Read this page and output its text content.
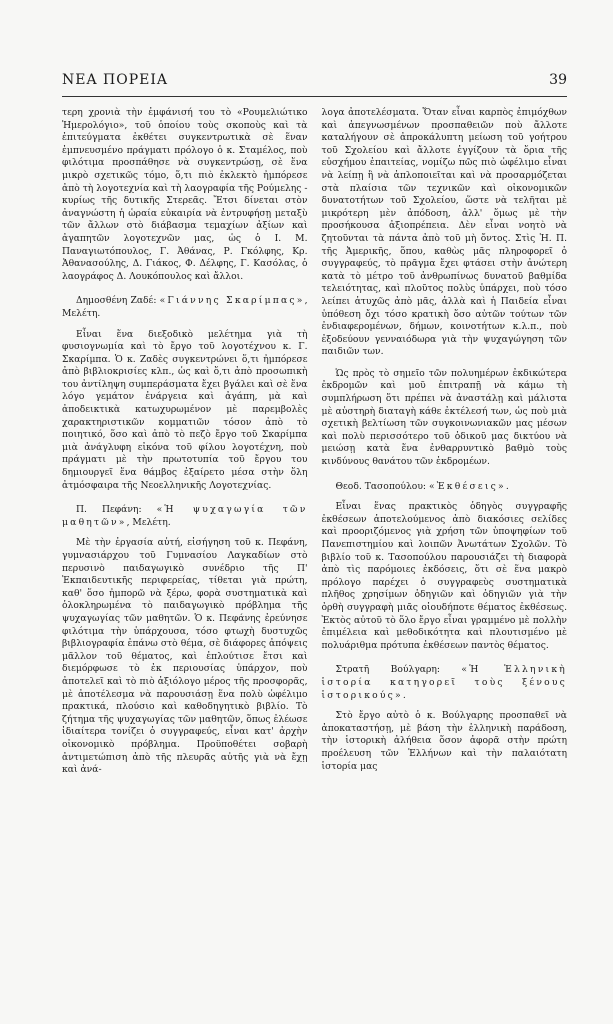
ΝΕΑ ΠΟΡΕΙΑ	39

τερη χρονιὰ τὴν ἐμφάνισή του τὸ «Ρουμελιώτικο Ἡμερολόγιο», τοῦ ὁποίου τοὺς σκοποὺς καὶ τὰ ἐπιτεύγματα ἐκθέτει συγκεντρωτικὰ σὲ ἕναν ἐμπνευσμένο πράγματι πρόλογο ὁ κ. Σταμέλος, ποὺ φιλότιμα προσπάθησε νὰ συγκεντρώσῃ, σὲ ἕνα μικρὸ σχετικῶς τόμο, ὅ,τι πιὸ ἐκλεκτὸ ἠμπόρεσε ἀπὸ τὴ λογοτεχνία καὶ τὴ λαογραφία τῆς Ρούμελης - κυρίως τῆς δυτικῆς Στερεᾶς. Ἔτσι δίνεται στὸν ἀναγνώστη ἡ ὡραία εὐκαιρία νὰ ἐντρυφήσῃ μεταξὺ τῶν ἄλλων στὸ διάβασμα τεμαχίων ἀξίων καὶ ἀγαπητῶν λογοτεχνῶν μας, ὡς ὁ Ι. Μ. Παναγιωτόπουλος, Γ. Ἀθάνας, Ρ. Γκόλφης, Κρ. Ἀθανασούλης, Δ. Γιάκος, Φ. Δέλφης, Γ. Κασόλας, ὁ λαογράφος Δ. Λουκόπουλος καὶ ἄλλοι.

Δημοσθένη Ζαδέ: «Γιάννης Σκαρίμπας», Μελέτη.

Εἶναι ἕνα διεξοδικὸ μελέτημα γιὰ τὴ φυσιογνωμία καὶ τὸ ἔργο τοῦ λογοτέχνου κ. Γ. Σκαρίμπα. Ὁ κ. Ζαδὲς συγκεντρώνει ὅ,τι ἠμπόρεσε ἀπὸ βιβλιοκρισίες κλπ., ὡς καὶ ὅ,τι ἀπὸ προσωπικὴ του ἀντίληψη συμπεράσματα ἔχει βγάλει καὶ σὲ ἕνα λόγο γεμάτον ἐνάργεια καὶ ἀγάπη, μὰ καὶ ἀποδεικτικὰ κατωχυρωμένον μὲ παρεμβολὲς χαρακτηριστικῶν κομματιῶν τόσον ἀπὸ τὸ ποιητικό, ὅσο καὶ ἀπὸ τὸ πεζὸ ἔργο τοῦ Σκαρίμπα μιὰ ἀνάγλυφη εἰκόνα τοῦ φίλου λογοτέχνη, ποὺ πράγματι μὲ τὴν πρωτοτυπία τοῦ ἔργου του δημιουργεῖ ἕνα θάμβος ἐξαίρετο μέσα στὴν ὅλη ἀτμόσφαιρα τῆς Νεοελληνικῆς Λογοτεχνίας.

Π. Πεφάνη: «Ἡ ψυχαγωγία τῶν μαθητῶν», Μελέτη.

Μὲ τὴν ἐργασία αὐτή, εἰσήγηση τοῦ κ. Πεφάνη, γυμνασιάρχου τοῦ Γυμνασίου Λαγκαδίων στὸ περυσινὸ παιδαγωγικὸ συνέδριο τῆς Π' Ἐκπαιδευτικῆς περιφερείας, τίθεται γιὰ πρώτη, καθ' ὅσο ἠμπορῶ νὰ ξέρω, φορὰ συστηματικὰ καὶ ὁλοκληρωμένα τὸ παιδαγωγικὸ πρόβλημα τῆς ψυχαγωγίας τῶν μαθητῶν. Ὁ κ. Πεφάνης ἐρεύνησε φιλότιμα τὴν ὑπάρχουσα, τόσο φτωχὴ δυστυχῶς βιβλιογραφία ἐπάνω στὸ θέμα, σὲ διάφορες ἀπόψεις μᾶλλον τοῦ θέματος, καὶ ἐπλούτισε ἔτσι καὶ διεμόρφωσε τὸ ἐκ περιουσίας ὑπάρχον, ποὺ ἀποτελεῖ καὶ τὸ πιὸ ἀξιόλογο μέρος τῆς προσφορᾶς, μὲ ἀποτέλεσμα νὰ παρουσιάσῃ ἕνα πολὺ ὠφέλιμο πρακτικά, πλούσιο καὶ καθοδηγητικὸ βιβλίο. Τὸ ζήτημα τῆς ψυχαγωγίας τῶν μαθητῶν, ὅπως ἐλέωσε ἰδιαίτερα τονίζει ὁ συγγραφεύς, εἶναι κατ' ἀρχὴν οἰκονομικὸ πρόβλημα. Προϋποθέτει σοβαρὴ ἀντιμετώπιση ἀπὸ τῆς πλευρᾶς αὐτῆς γιὰ νὰ ἔχῃ καὶ ἀνά-

λογα ἀποτελέσματα. Ὅταν εἶναι καρπὸς ἐπιμόχθων καὶ ἀπεγνωσμένων προσπαθειῶν ποὺ ἄλλοτε καταλήγουν σὲ ἀπροκάλυπτη μείωση τοῦ γοήτρου τοῦ Σχολείου καὶ ἄλλοτε ἐγγίζουν τὰ ὅρια τῆς εὐσχήμου ἐπαιτείας, νομίζω πῶς πιὸ ὠφέλιμο εἶναι νὰ λείπῃ ἢ νὰ ἀπλοποιεῖται καὶ νὰ προσαρμόζεται στὰ πλαίσια τῶν τεχνικῶν καὶ οἰκονομικῶν δυνατοτήτων τοῦ Σχολείου, ὥστε νὰ τελῆται μὲ μικρότερη μὲν ἀπόδοση, ἀλλ' ὅμως μὲ τὴν προσήκουσα ἀξιοπρέπεια. Δὲν εἶναι νοητὸ νὰ ζητοῦνται τὰ πάντα ἀπὸ τοῦ μὴ ὄντος. Στὶς Ἡ. Π. τῆς Ἀμερικῆς, ὅπου, καθὼς μᾶς πληροφορεῖ ὁ συγγραφεύς, τὸ πρᾶγμα ἔχει φτάσει στὴν ἀνώτερη κατὰ τὸ μέτρο τοῦ ἀνθρωπίνως δυνατοῦ βαθμίδα τελειότητας, καὶ πλοῦτος πολὺς ὑπάρχει, ποὺ τόσο λείπει ἀτυχῶς ἀπὸ μᾶς, ἀλλὰ καὶ ἡ Παιδεία εἶναι ὑπόθεση ὄχι τόσο κρατικὴ ὅσο αὐτῶν τούτων τῶν ἐνδιαφερομένων, δήμων, κοινοτήτων κ.λ.π., ποὺ ἐξοδεύουν γενναιόδωρα γιὰ τὴν ψυχαγώγηση τῶν παιδιῶν των.

Ὡς πρὸς τὸ σημεῖο τῶν πολυημέρων ἐκδικώτερα ἐκδρομῶν καὶ μοῦ ἐπιτραπῇ νὰ κάμω τὴ συμπλήρωση ὅτι πρέπει νὰ ἀναστάλῃ καὶ μάλιστα μὲ αὐστηρὴ διαταγὴ κάθε ἐκτέλεσή των, ὡς ποὺ μιὰ σχετικὴ βελτίωση τῶν συγκοινωνιακῶν μας μέσων καὶ πολὺ περισσότερο τοῦ ὁδικοῦ μας δικτύου νὰ μειώσῃ κατὰ ἕνα ἐνθαρρυντικὸ βαθμὸ τοὺς κινδύνους θανάτου τῶν ἐκδρομέων.

Θεοδ. Τασοπούλου: «Ἐκθέσεις».

Εἶναι ἕνας πρακτικὸς ὁδηγὸς συγγραφῆς ἐκθέσεων ἀποτελούμενος ἀπὸ διακόσιες σελίδες καὶ προοριζόμενος γιὰ χρήση τῶν ὑποψηφίων τοῦ Πανεπιστημίου καὶ λοιπῶν Ἀνωτάτων Σχολῶν. Τὸ βιβλίο τοῦ κ. Τασοπούλου παρουσιάζει τὴ διαφορὰ ἀπὸ τὶς παρόμοιες ἐκδόσεις, ὅτι σὲ ἕνα μακρὸ πρόλογο παρέχει ὁ συγγραφεὺς συστηματικὰ πλῆθος χρησίμων ὁδηγιῶν καὶ ὁδηγιῶν γιὰ τὴν ὀρθὴ συγγραφὴ μιᾶς οἱουδήποτε θέματος ἐκθέσεως. Ἐκτὸς αὐτοῦ τὸ ὅλο ἔργο εἶναι γραμμένο μὲ πολλὴν ἐπιμέλεια καὶ μεθοδικότητα καὶ πλουτισμένο μὲ πολυάριθμα πρότυπα ἐκθέσεων παντὸς θέματος.

Στρατῆ Βούλγαρη: «Ἡ Ἑλληνικὴ ἱστορία κατηγορεῖ τοὺς ξένους ἱστορικούς».

Στὸ ἔργο αὐτὸ ὁ κ. Βούλγαρης προσπαθεῖ νὰ ἀποκαταστήσῃ, μὲ βάση τὴν ἑλληνικὴ παράδοση, τὴν ἱστορικὴ ἀλήθεια ὅσον ἀφορᾶ στὴν πρώτη προέλευση τῶν Ἑλλήνων καὶ τὴν παλαιότατη ἱστορία μας
